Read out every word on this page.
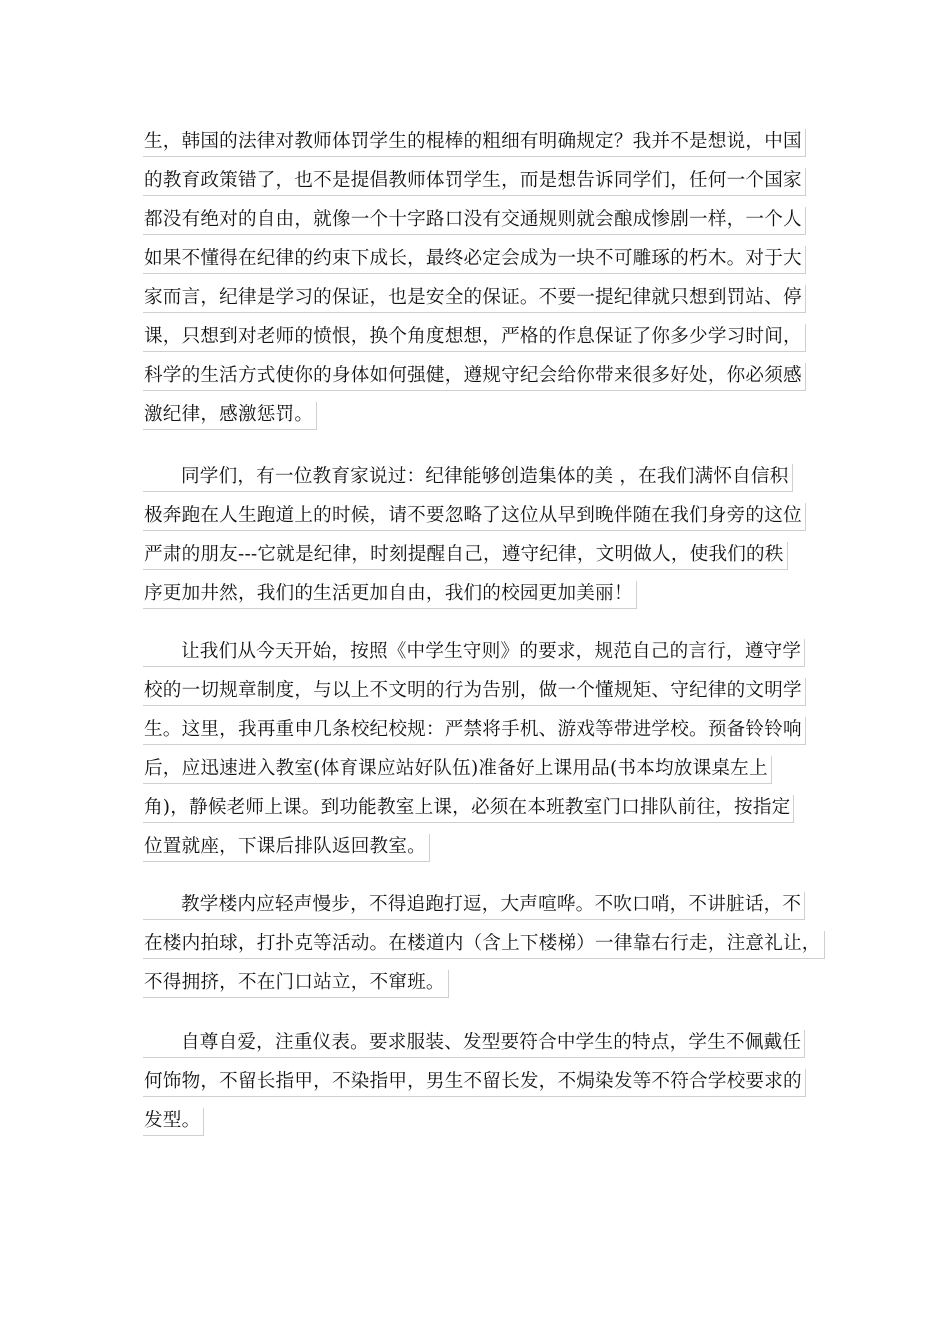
生，韩国的法律对教师体罚学生的棍棒的粗细有明确规定？我并不是想说，中国
的教育政策错了，也不是提倡教师体罚学生，而是想告诉同学们，任何一个国家
都没有绝对的自由，就像一个十字路口没有交通规则就会酿成惨剧一样，一个人
如果不懂得在纪律的约束下成长，最终必定会成为一块不可雕琢的朽木。对于大
家而言，纪律是学习的保证，也是安全的保证。不要一提纪律就只想到罚站、停
课，只想到对老师的愤恨，换个角度想想，严格的作息保证了你多少学习时间，
科学的生活方式使你的身体如何强健，遵规守纪会给你带来很多好处，你必须感
激纪律，感激惩罚。
同学们，有一位教育家说过：纪律能够创造集体的美 ，在我们满怀自信积
极奔跑在人生跑道上的时候，请不要忽略了这位从早到晚伴随在我们身旁的这位
严肃的朋友---它就是纪律，时刻提醒自己，遵守纪律，文明做人，使我们的秩
序更加井然，我们的生活更加自由，我们的校园更加美丽！
让我们从今天开始，按照《中学生守则》的要求，规范自己的言行，遵守学
校的一切规章制度，与以上不文明的行为告别，做一个懂规矩、守纪律的文明学
生。这里，我再重申几条校纪校规：严禁将手机、游戏等带进学校。预备铃铃响
后，应迅速进入教室(体育课应站好队伍)准备好上课用品(书本均放课桌左上
角)，静候老师上课。到功能教室上课，必须在本班教室门口排队前往，按指定
位置就座，下课后排队返回教室。
教学楼内应轻声慢步，不得追跑打逗，大声喧哗。不吹口哨，不讲脏话，不
在楼内拍球，打扑克等活动。在楼道内（含上下楼梯）一律靠右行走，注意礼让，
不得拥挤，不在门口站立，不窜班。
自尊自爱，注重仪表。要求服装、发型要符合中学生的特点，学生不佩戴任
何饰物，不留长指甲，不染指甲，男生不留长发，不焗染发等不符合学校要求的
发型。
